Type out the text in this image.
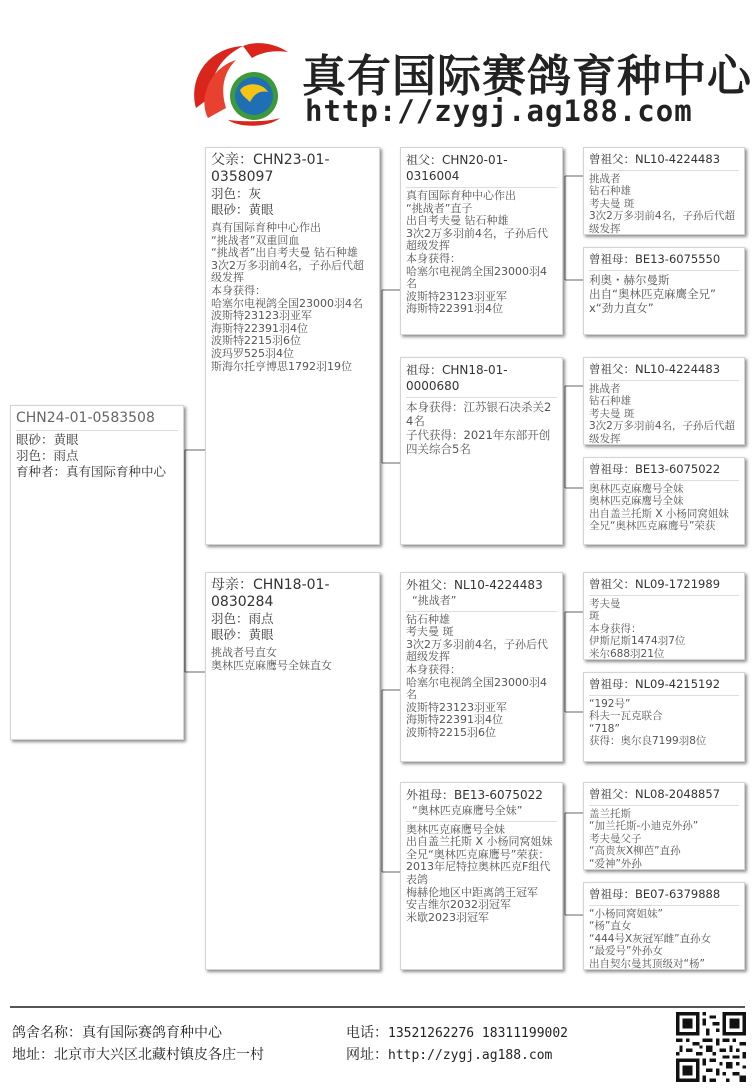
真有国际赛鸽育种中心
http://zygj.ag188.com
CHN24-01-0583508
眼砂：黄眼
羽色：雨点
育种者：真有国际育种中心
父亲：CHN23-01-0358097
羽色：灰
眼砂：黄眼
真有国际育种中心作出
“挑战者”双重回血
“挑战者”出自考夫曼 钻石种雄
3次2万多羽前4名，子孙后代超级发挥
本身获得：
哈塞尔电视鸽全国23000羽4名
波斯特23123羽亚军
海斯特22391羽4位
波斯特2215羽6位
波玛罗525羽4位
斯海尔托亨博思1792羽19位
母亲：CHN18-01-0830284
羽色：雨点
眼砂：黄眼
挑战者号直女
奥林匹克麻鹰号全妹直女
祖父：CHN20-01-0316004
真有国际育种中心作出
“挑战者”直子
出自考夫曼 钻石种雄
3次2万多羽前4名，子孙后代超级发挥
本身获得：
哈塞尔电视鸽全国23000羽4名
波斯特23123羽亚军
海斯特22391羽4位
祖母：CHN18-01-0000680
本身获得：江苏银石决杀关24名
子代获得：2021年东部开创四关综合5名
外祖父：NL10-4224483
“挑战者”
钻石种雄
考夫曼 斑
3次2万多羽前4名，子孙后代超级发挥
本身获得：
哈塞尔电视鸽全国23000羽4名
波斯特23123羽亚军
海斯特22391羽4位
波斯特2215羽6位
外祖母：BE13-6075022
“奥林匹克麻鹰号全妹”
奥林匹克麻鹰号全妹
出自盖兰托斯 X 小杨同窝姐妹
全兄“奥林匹克麻鹰号”荣获：
2013年尼特拉奥林匹克F组代表鸽
梅赫伦地区中距离鸽王冠军
安吉维尔2032羽冠军
米歇2023羽冠军
曾祖父：NL10-4224483
挑战者
钻石种雄
考夫曼 斑
3次2万多羽前4名，子孙后代超级发挥
曾祖母：BE13-6075550
利奥・赫尔曼斯
出自“奥林匹克麻鹰全兄”
x“劲力直女”
曾祖父：NL10-4224483
挑战者
钻石种雄
考夫曼 斑
3次2万多羽前4名，子孙后代超级发挥
曾祖母：BE13-6075022
奥林匹克麻鹰号全妹
奥林匹克麻鹰号全妹
出自盖兰托斯 X 小杨同窝姐妹
全兄“奥林匹克麻鹰号”荣获
曾祖父：NL09-1721989
考夫曼
斑
本身获得：
伊斯尼斯1474羽7位
米尔688羽21位
曾祖母：NL09-4215192
“192号”
科夫一瓦克联合
“718”
获得：奥尔良7199羽8位
曾祖父：NL08-2048857
盖兰托斯
“加兰托斯-小迪克外孙”
考夫曼父子
“高贵灰X柳芭”直孙
“爱神”外孙
曾祖母：BE07-6379888
“小杨同窝姐妹”
“杨”直女
“444号X灰冠军雌”直孙女
“最爱号”外孙女
出自契尔曼其顶级对“杨”
鸽舍名称：真有国际赛鸽育种中心
地址：北京市大兴区北藏村镇皮各庄一村
电话：13521262276 18311199002
网址：http://zygj.ag188.com
